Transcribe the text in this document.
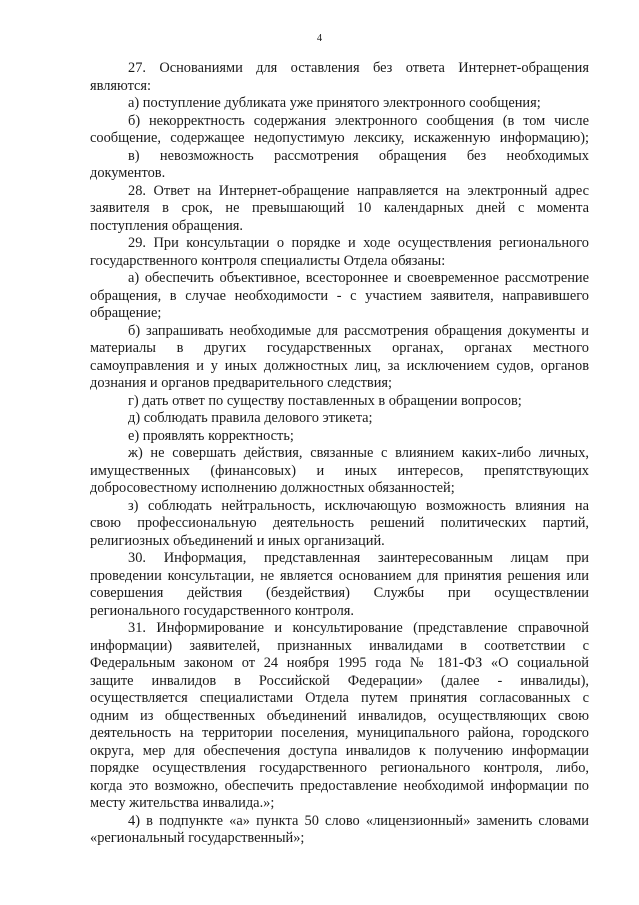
4
27. Основаниями для оставления без ответа Интернет-обращения
являются:
а) поступление дубликата уже принятого электронного сообщения;
б) некорректность содержания электронного сообщения (в том числе
сообщение, содержащее недопустимую лексику, искаженную информацию);
в) невозможность рассмотрения обращения без необходимых
документов.
28. Ответ на Интернет-обращение направляется на электронный адрес
заявителя в срок, не превышающий 10 календарных дней с момента
поступления обращения.
29. При консультации о порядке и ходе осуществления регионального
государственного контроля специалисты Отдела обязаны:
а) обеспечить объективное, всестороннее и своевременное рассмотрение
обращения, в случае необходимости - с участием заявителя, направившего
обращение;
б) запрашивать необходимые для рассмотрения обращения документы и
материалы в других государственных органах, органах местного
самоуправления и у иных должностных лиц, за исключением судов, органов
дознания и органов предварительного следствия;
г) дать ответ по существу поставленных в обращении вопросов;
д) соблюдать правила делового этикета;
е) проявлять корректность;
ж) не совершать действия, связанные с влиянием каких-либо личных,
имущественных (финансовых) и иных интересов, препятствующих
добросовестному исполнению должностных обязанностей;
з) соблюдать нейтральность, исключающую возможность влияния на
свою профессиональную деятельность решений политических партий,
религиозных объединений и иных организаций.
30. Информация, представленная заинтересованным лицам при
проведении консультации, не является основанием для принятия решения или
совершения действия (бездействия) Службы при осуществлении
регионального государственного контроля.
31. Информирование и консультирование (представление справочной
информации) заявителей, признанных инвалидами в соответствии с
Федеральным законом от 24 ноября 1995 года № 181-ФЗ «О социальной
защите инвалидов в Российской Федерации» (далее - инвалиды),
осуществляется специалистами Отдела путем принятия согласованных с
одним из общественных объединений инвалидов, осуществляющих свою
деятельность на территории поселения, муниципального района, городского
округа, мер для обеспечения доступа инвалидов к получению информации
порядке осуществления государственного регионального контроля, либо,
когда это возможно, обеспечить предоставление необходимой информации по
месту жительства инвалида.»;
4) в подпункте «а» пункта 50 слово «лицензионный» заменить словами
«региональный государственный»;
